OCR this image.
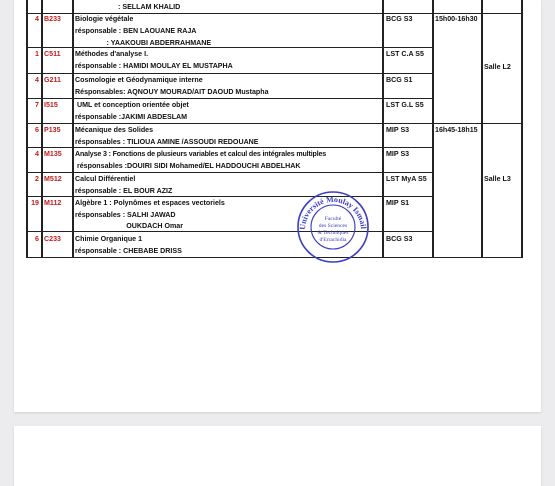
: SELLAM KHALID
4 B233 Biologie végétale
résponsable : BEN LAOUANE RAJA
: YAAKOUBI ABDERRAHMANE
BCG S3
1 C511 Méthodes d'analyse I.
résponsable : HAMIDI MOULAY EL MUSTAPHA
LST C.A S5
4 G211 Cosmologie et Géodynamique interne
Résponsables: AQNOUY MOURAD/AIT DAOUD Mustapha
BCG S1
7 I515 UML et conception orientée objet
résponsable :JAKIMI ABDESLAM
LST G.L S5
6 P135 Mécanique des Solides
résponsables : TILIOUA AMINE /ASSOUDI REDOUANE
MIP S3
4 M135 Analyse 3 : Fonctions de plusieurs variables et calcul des intégrales multiples
résponsables :DOUIRI SIDI Mohamed/EL HADDOUCHI ABDELHAK
MIP S3
2 M512 Calcul Différentiel
résponsable : EL BOUR AZIZ
LST MyA S5
19 M112 Algèbre 1 : Polynômes et espaces vectoriels
résponsables : SALHI JAWAD
OUKDACH Omar
MIP S1
6 C233 Chimie Organique 1
résponsable : CHEBABE DRISS
BCG S3
15h00-16h30
Salle L2
16h45-18h15
Salle L3
Université Moulay Ismail
Faculté
des Sciences
& Techniques
d'Errachidia
